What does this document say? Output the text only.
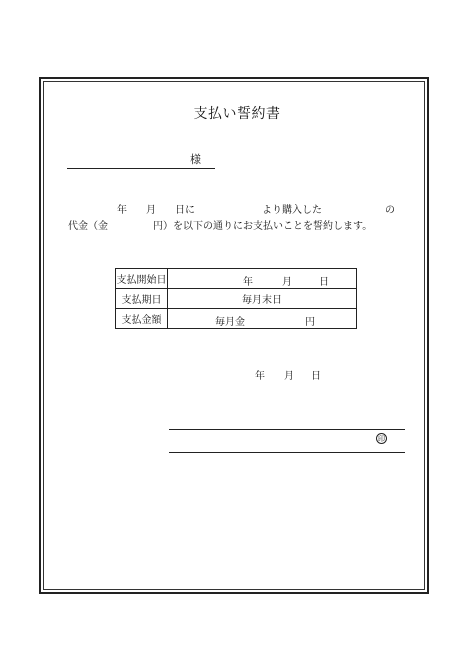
支払い誓約書
様
年 月 日に	より購入した	の
代金（金	円）を以下の通りにお支払いことを誓約します。
支払開始日	年 月 日

支払期日	毎月末日
支払金額	毎月金 円
年 月 日
印
